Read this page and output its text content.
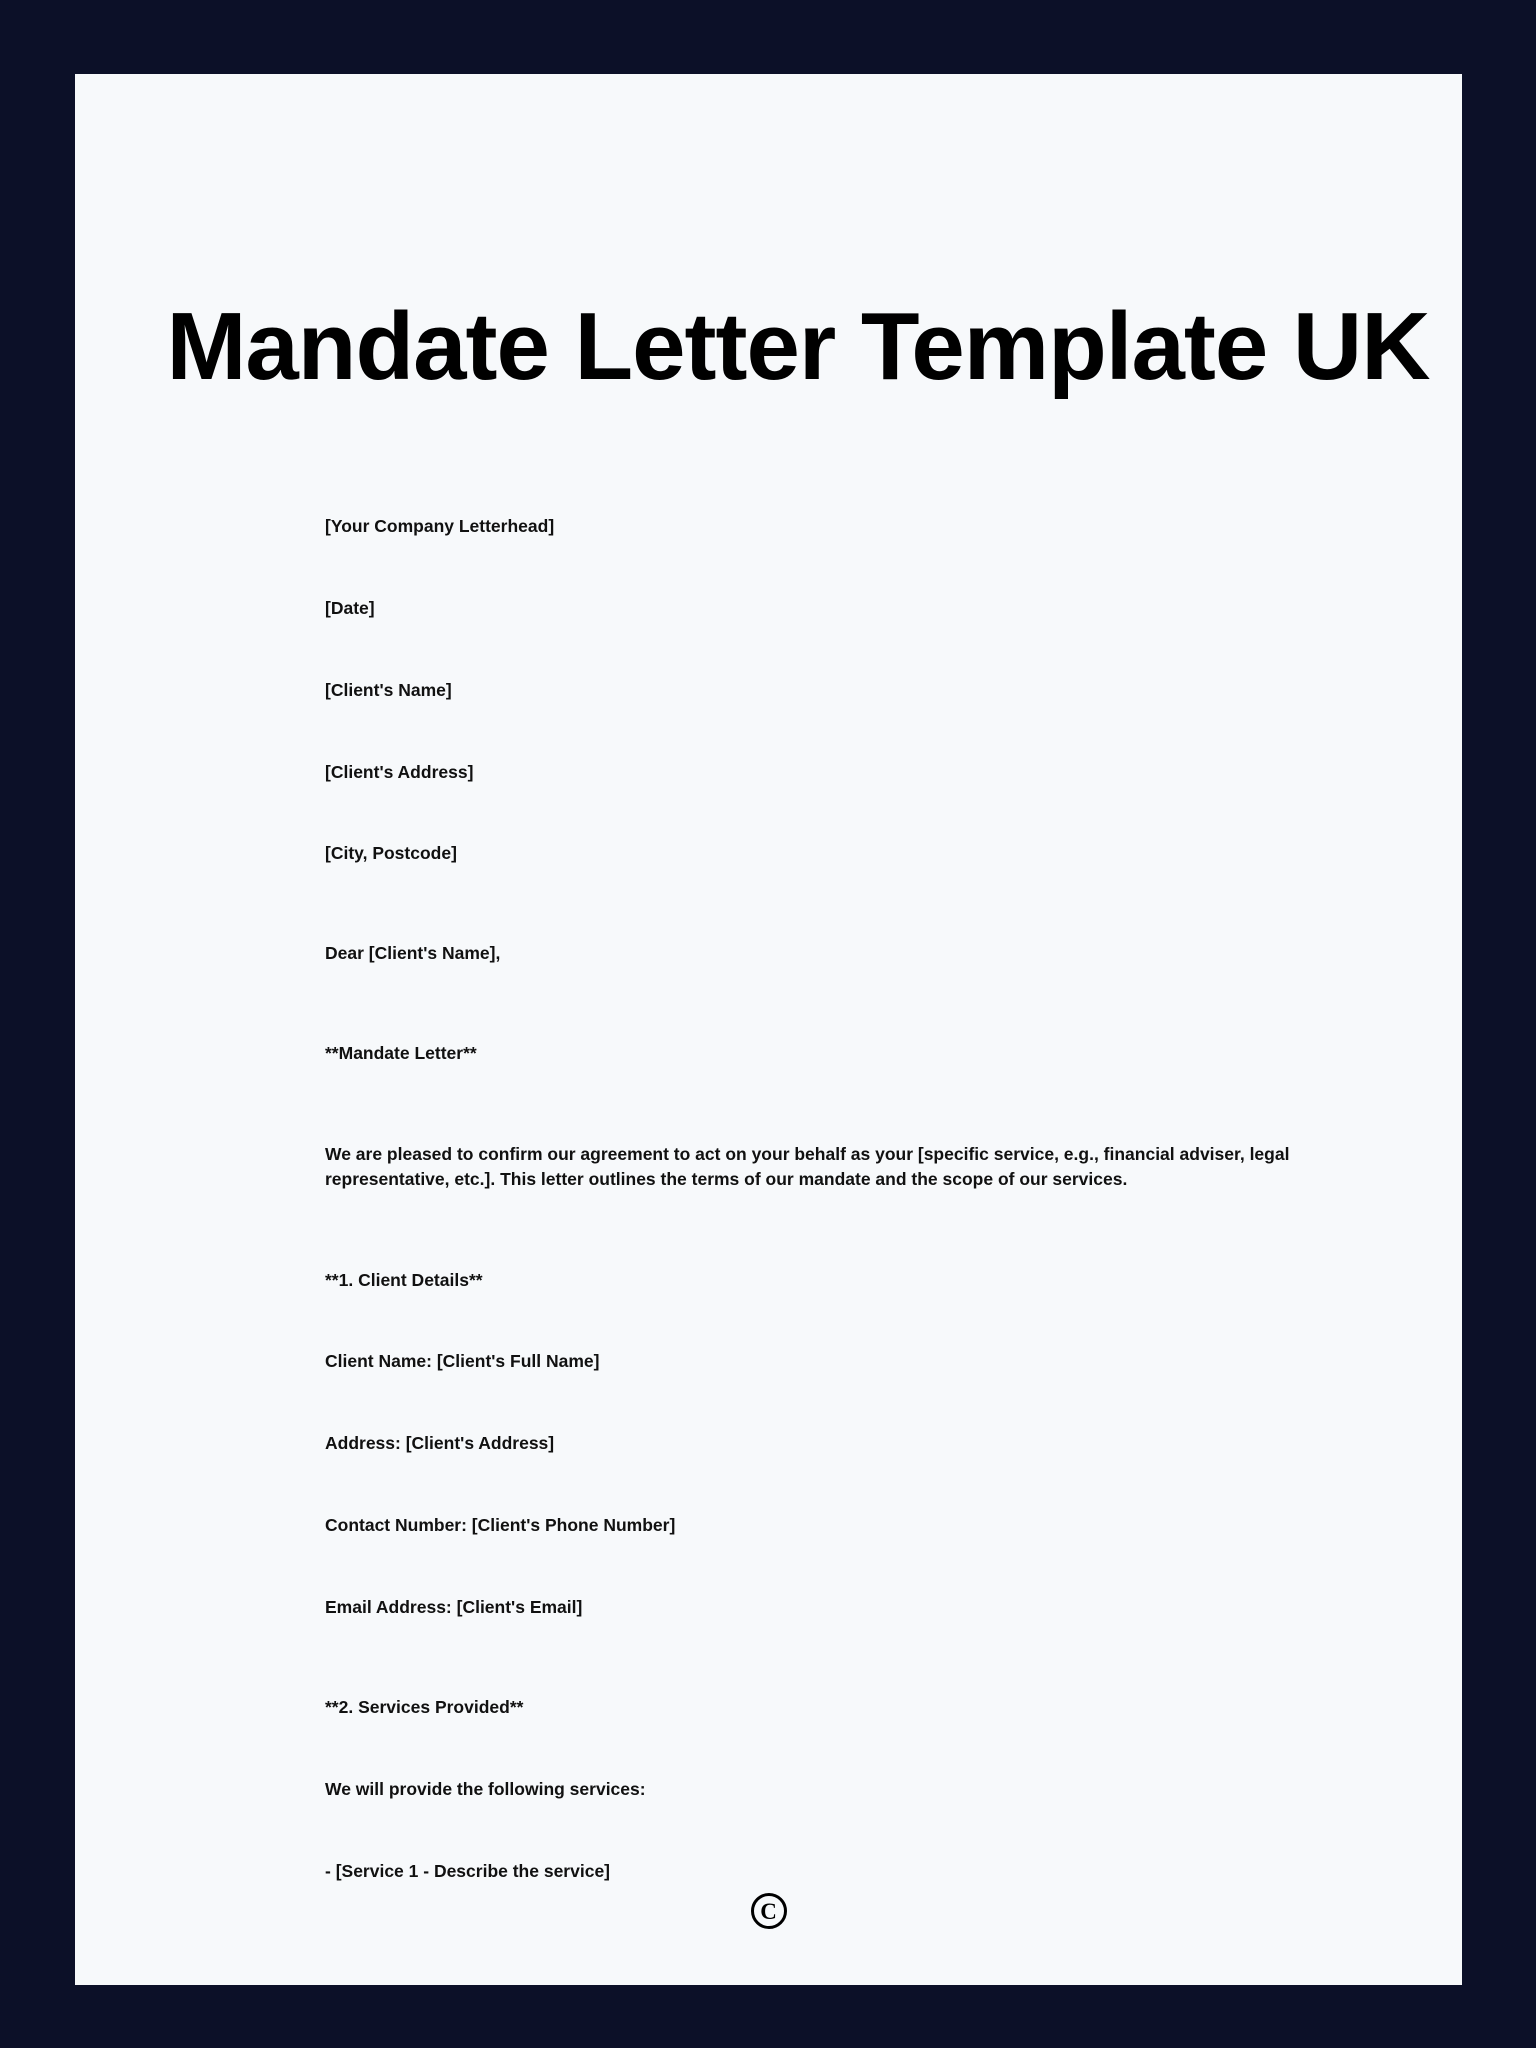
Mandate Letter Template UK

[Your Company Letterhead]

[Date]

[Client's Name]

[Client's Address]

[City, Postcode]

Dear [Client's Name],

**Mandate Letter**

We are pleased to confirm our agreement to act on your behalf as your [specific service, e.g., financial adviser, legal representative, etc.]. This letter outlines the terms of our mandate and the scope of our services.

**1. Client Details**

Client Name: [Client's Full Name]

Address: [Client's Address]

Contact Number: [Client's Phone Number]

Email Address: [Client's Email]

**2. Services Provided**

We will provide the following services:

- [Service 1 - Describe the service]

C
